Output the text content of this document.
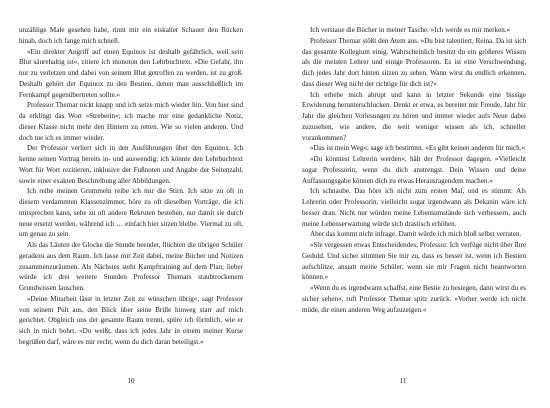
unzählige Male gesehen habe, rinnt mir ein eiskalter Schauer den Rücken hinab, doch ich fange mich schnell.

»Ein direkter Angriff auf einen Equinox ist deshalb gefährlich, weil sein Blut säurehaltig ist«, zitiere ich monoton den Lehrbuchtext. »Die Gefahr, ihn nur zu verletzen und dabei von seinem Blut getroffen zu werden, ist zu groß. Deshalb gehört der Equinox zu den Bestien, denen man ausschließlich im Fernkampf gegenübertreten sollte.«

Professor Themar nickt knapp und ich setze mich wieder hin. Von hier sind da erklingt das Wort »Streberin«; ich mache mir eine gedankliche Notiz, dieser Klasse nicht mehr den Hintern zu retten. Wie so vielen anderen. Und doch tue ich es immer wieder.

Der Professor verliert sich in den Ausführungen über den Equinox. Ich kenne seinen Vortrag bereits in- und auswendig; ich könnte den Lehrbuchtext Wort für Wort rezitieren, inklusive der Fußnoten und Angabe der Seitenzahl, sowie einer exakten Beschreibung aller Abbildungen.

Ich reibe meinen Grummeln reibe ich mir die Stirn. Ich sitze zu oft in diesem verdammten Klassenzimmer, höre zu oft dieselben Vorträge, die ich mitsprechen kann, sehe zu oft andere Rekruten bestehen, nur damit sie durch neue ersetzt werden, während ich … einfach hier sitzen bleibe. Viermal zu oft, um genau zu sein.

Als das Läuten der Glocke die Stunde beendet, flüchten die übrigen Schüler geradezu aus dem Raum. Ich lasse mir Zeit dabei, meine Bücher und Notizen zusammenzuräumen. Als Nächstes steht Kampftraining auf dem Plan; lieber würde ich drei weitere Stunden Professor Themars staubtrockenem Grundwissen lauschen.

»Deine Mitarbeit lässt in letzter Zeit zu wünschen übrig«, sagt Professor von seinem Pult aus, den Blick über seine Brille hinweg starr auf mich gerichtet. Obgleich uns der gesamte Raum trennt, spüre ich förmlich, wie er sich in mich bohrt. »Du weißt, dass ich jedes Jahr in einem meiner Kurse begrüßen darf, wäre es mir recht, wenn du dich daran beteiligst.«

10

Ich verstaue die Bücher in meiner Tasche. »Ich werde es mir merken.«

Professor Themar stößt den Atem aus. »Du bist talentiert, Reina. Da ist sich das gesamte Kollegium einig. Wahrscheinlich besitzt du ein größeres Wissen als die meisten Lehrer und einige Professoren. Es ist eine Verschwendung, dich jedes Jahr dort hinten sitzen zu sehen. Wann wirst du endlich erkennen, dass dieser Weg nicht der richtige für dich ist?«

Ich erhebe mich abrupt und kann in letzter Sekunde eine bissige Erwiderung herunterschlucken. Denkt er etwa, es bereitet mir Freude, Jahr für Jahr die gleichen Vorlesungen zu hören und immer wieder aufs Neue dabei zuzusehen, wie andere, die weit weniger wissen als ich, schneller vorankommen?

»Das ist mein Weg«, sage ich bestimmt. »Es gibt keinen anderen für mich.«

»Du könntest Lehrerin werden«, hält der Professor dagegen. »Vielleicht sogar Professorin, wenn du dich anstrengst. Dein Wissen und deine Auffassungsgabe können dich zu etwas Herausragendem machen.«

Ich schnaube. Das höre ich nicht zum ersten Mal, und es stimmt: Als Lehrerin oder Professorin, vielleicht sogar irgendwann als Dekanin wäre ich besser dran. Nicht nur würden meine Lebensumstände sich verbessern, auch meine Lebenserwartung würde sich drastisch erhöhen.

Aber das kommt nicht infrage. Damit würde ich mich bloß selbst verraten.

»Sie vergessen etwas Entscheidendes, Professor. Ich verfüge nicht über Ihre Geduld. Und sicher stimmen Sie mir zu, dass es besser ist, wenn ich Bestien aufschlitze, anstatt meine Schüler, wenn sie mir Fragen nicht beantworten können.«

»Wenn du es irgendwann schaffst, eine Bestie zu besiegen, dann wirst du es sicher sehen«, ruft Professor Themar spitz zurück. »Vorher werde ich nicht müde, dir einen anderen Weg aufzuzeigen.«

11
